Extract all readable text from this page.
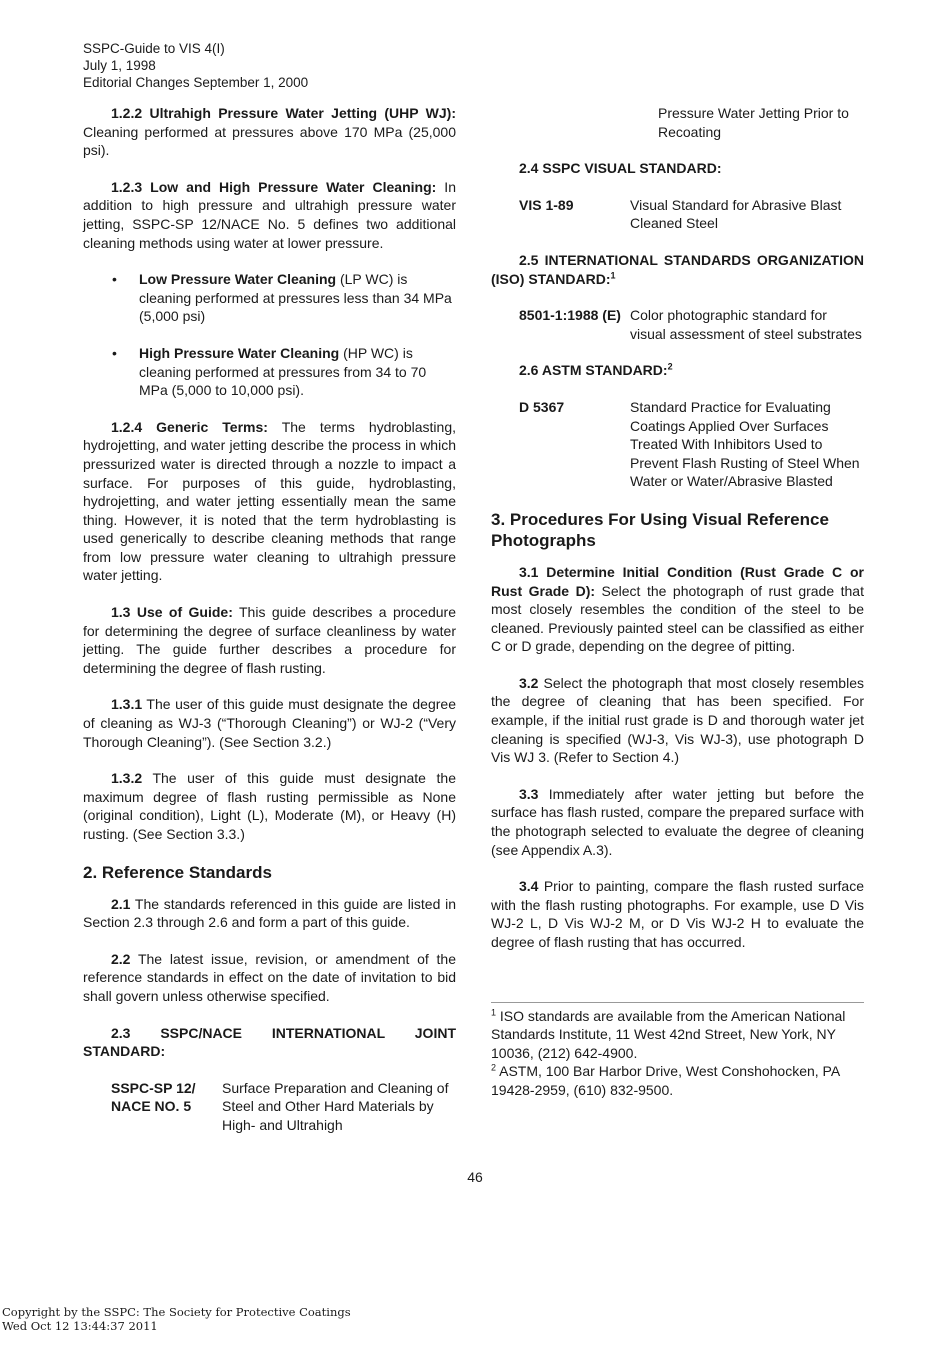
SSPC-Guide to VIS 4(I)
July 1, 1998
Editorial Changes September 1, 2000

1.2.2 Ultrahigh Pressure Water Jetting (UHP WJ): Cleaning performed at pressures above 170 MPa (25,000 psi).

1.2.3 Low and High Pressure Water Cleaning: In addition to high pressure and ultrahigh pressure water jetting, SSPC-SP 12/NACE No. 5 defines two additional cleaning methods using water at lower pressure.

• Low Pressure Water Cleaning (LP WC) is cleaning performed at pressures less than 34 MPa (5,000 psi)
• High Pressure Water Cleaning (HP WC) is cleaning performed at pressures from 34 to 70 MPa (5,000 to 10,000 psi).

1.2.4 Generic Terms: The terms hydroblasting, hydrojetting, and water jetting describe the process in which pressurized water is directed through a nozzle to impact a surface. For purposes of this guide, hydroblasting, hydrojetting, and water jetting essentially mean the same thing. However, it is noted that the term hydroblasting is used generically to describe cleaning methods that range from low pressure water cleaning to ultrahigh pressure water jetting.

1.3 Use of Guide: This guide describes a procedure for determining the degree of surface cleanliness by water jetting. The guide further describes a procedure for determining the degree of flash rusting.

1.3.1 The user of this guide must designate the degree of cleaning as WJ-3 (“Thorough Cleaning”) or WJ-2 (“Very Thorough Cleaning”). (See Section 3.2.)

1.3.2 The user of this guide must designate the maximum degree of flash rusting permissible as None (original condition), Light (L), Moderate (M), or Heavy (H) rusting. (See Section 3.3.)

2. Reference Standards

2.1 The standards referenced in this guide are listed in Section 2.3 through 2.6 and form a part of this guide.

2.2 The latest issue, revision, or amendment of the reference standards in effect on the date of invitation to bid shall govern unless otherwise specified.

2.3 SSPC/NACE INTERNATIONAL JOINT STANDARD:
SSPC-SP 12/
NACE NO. 5
Surface Preparation and Cleaning of Steel and Other Hard Materials by High- and Ultrahigh
Pressure Water Jetting Prior to Recoating
2.4 SSPC VISUAL STANDARD:
VIS 1-89	Visual Standard for Abrasive Blast Cleaned Steel
2.5 INTERNATIONAL STANDARDS ORGANIZATION (ISO) STANDARD:$^1$
8501-1:1988 (E) Color photographic standard for visual assessment of steel substrates
2.6 ASTM STANDARD:$^2$
D 5367	Standard Practice for Evaluating Coatings Applied Over Surfaces Treated With Inhibitors Used to Prevent Flash Rusting of Steel When Water or Water/Abrasive Blasted
3. Procedures For Using Visual Reference Photographs

3.1 Determine Initial Condition (Rust Grade C or Rust Grade D): Select the photograph of rust grade that most closely resembles the condition of the steel to be cleaned. Previously painted steel can be classified as either C or D grade, depending on the degree of pitting.

3.2 Select the photograph that most closely resembles the degree of cleaning that has been specified. For example, if the initial rust grade is D and thorough water jet cleaning is specified (WJ-3, Vis WJ-3), use photograph D Vis WJ 3. (Refer to Section 4.)

3.3 Immediately after water jetting but before the surface has flash rusted, compare the prepared surface with the photograph selected to evaluate the degree of cleaning (see Appendix A.3).

3.4 Prior to painting, compare the flash rusted surface with the flash rusting photographs. For example, use D Vis WJ-2 L, D Vis WJ-2 M, or D Vis WJ-2 H to evaluate the degree of flash rusting that has occurred.

$^1$ ISO standards are available from the American National Standards Institute, 11 West 42nd Street, New York, NY 10036, (212) 642-4900.

$^2$ ASTM, 100 Bar Harbor Drive, West Conshohocken, PA 19428-2959, (610) 832-9500.

46
Copyright by the SSPC: The Society for Protective Coatings
Wed Oct 12 13:44:37 2011
